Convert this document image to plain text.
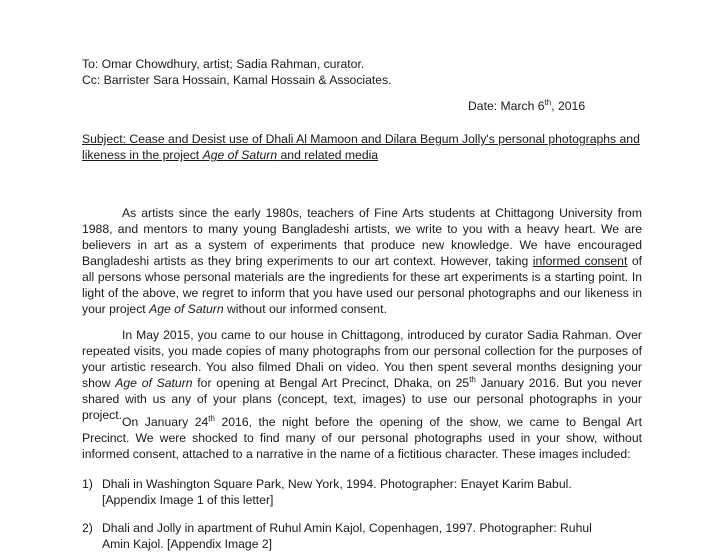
To: Omar Chowdhury, artist; Sadia Rahman, curator.
Cc: Barrister Sara Hossain, Kamal Hossain & Associates.
Date: March 6th, 2016
Subject: Cease and Desist use of Dhali Al Mamoon and Dilara Begum Jolly's personal photographs and likeness in the project Age of Saturn and related media
As artists since the early 1980s, teachers of Fine Arts students at Chittagong University from 1988, and mentors to many young Bangladeshi artists, we write to you with a heavy heart. We are believers in art as a system of experiments that produce new knowledge. We have encouraged Bangladeshi artists as they bring experiments to our art context. However, taking informed consent of all persons whose personal materials are the ingredients for these art experiments is a starting point. In light of the above, we regret to inform that you have used our personal photographs and our likeness in your project Age of Saturn without our informed consent.
In May 2015, you came to our house in Chittagong, introduced by curator Sadia Rahman. Over repeated visits, you made copies of many photographs from our personal collection for the purposes of your artistic research. You also filmed Dhali on video. You then spent several months designing your show Age of Saturn for opening at Bengal Art Precinct, Dhaka, on 25th January 2016. But you never shared with us any of your plans (concept, text, images) to use our personal photographs in your project. On January 24th 2016, the night before the opening of the show, we came to Bengal Art Precinct. We were shocked to find many of our personal photographs used in your show, without informed consent, attached to a narrative in the name of a fictitious character. These images included:
1) Dhali in Washington Square Park, New York, 1994. Photographer: Enayet Karim Babul.[Appendix Image 1 of this letter]
2) Dhali and Jolly in apartment of Ruhul Amin Kajol, Copenhagen, 1997. Photographer: Ruhul Amin Kajol. [Appendix Image 2]
